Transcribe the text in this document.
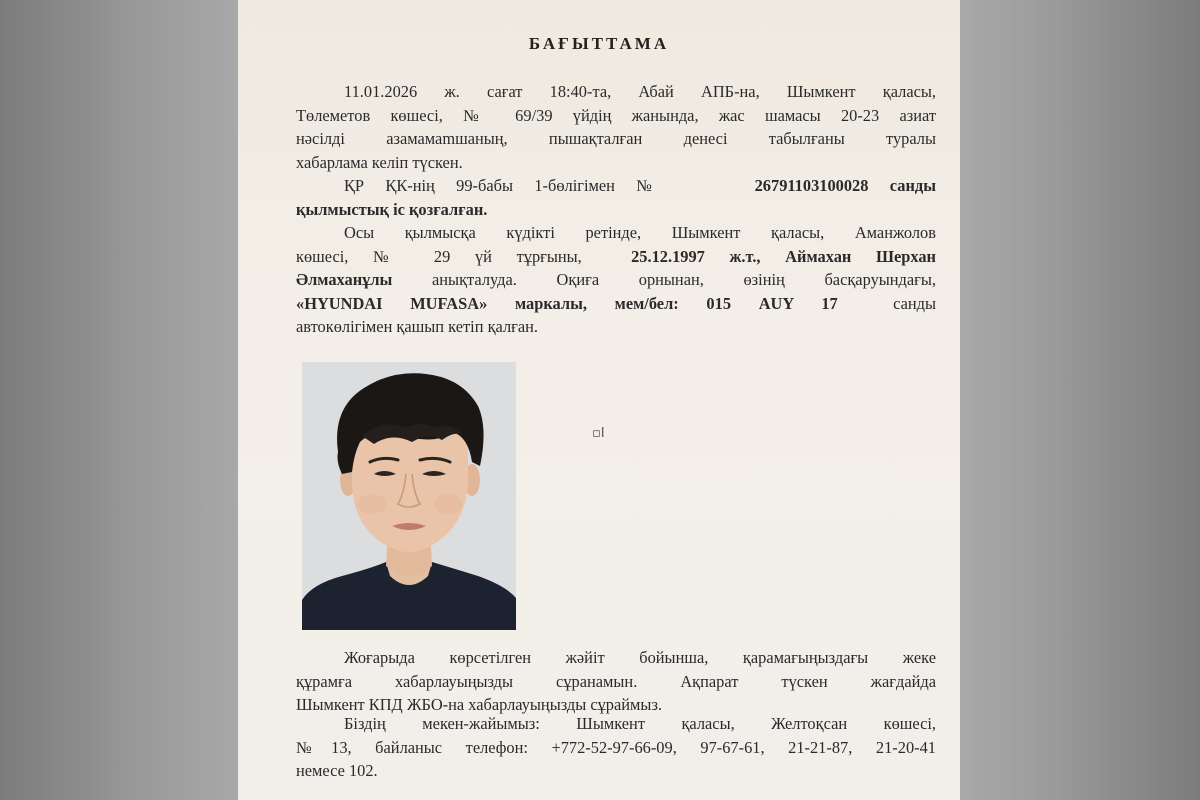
БАҒЫТТАМА
11.01.2026 ж. сағат 18:40-та, Абай АПБ-на, Шымкент қаласы,
Төлеметов көшесі, № 69/39 үйдің жанында, жас шамасы 20-23 азиат
нәсілді азамамаmшаның, пышақталған денесі табылғаны туралы
хабарлама келіп түскен.
ҚР ҚК-нің 99-бабы 1-бөлігімен №	26791103100028 санды
қылмыстық іс қозғалған.
Осы қылмысқа күдікті ретінде, Шымкент қаласы, Аманжолов
көшесі, № 29 үй тұрғыны,	25.12.1997 ж.т., Аймахан Шерхан
Әлмаханұлы анықталуда. Оқиға орнынан, өзінің басқаруындағы,
«HYUNDAI MUFASA» маркалы, мем/бел: 015 AUY 17	санды
автокөлігімен қашып кетіп қалған.
▫I
Жоғарыда көрсетілген жәйіт бойынша, қарамағыңыздағы жеке
құрамға хабарлауыңызды сұранамын. Ақпарат түскен жағдайда
Шымкент КПД ЖБО-на хабарлауыңызды сұраймыз.
Біздің мекен-жайымыз: Шымкент қаласы, Желтоқсан көшесі,
№13, байланыс телефон: +772-52-97-66-09, 97-67-61, 21-21-87, 21-20-41
немесе 102.
